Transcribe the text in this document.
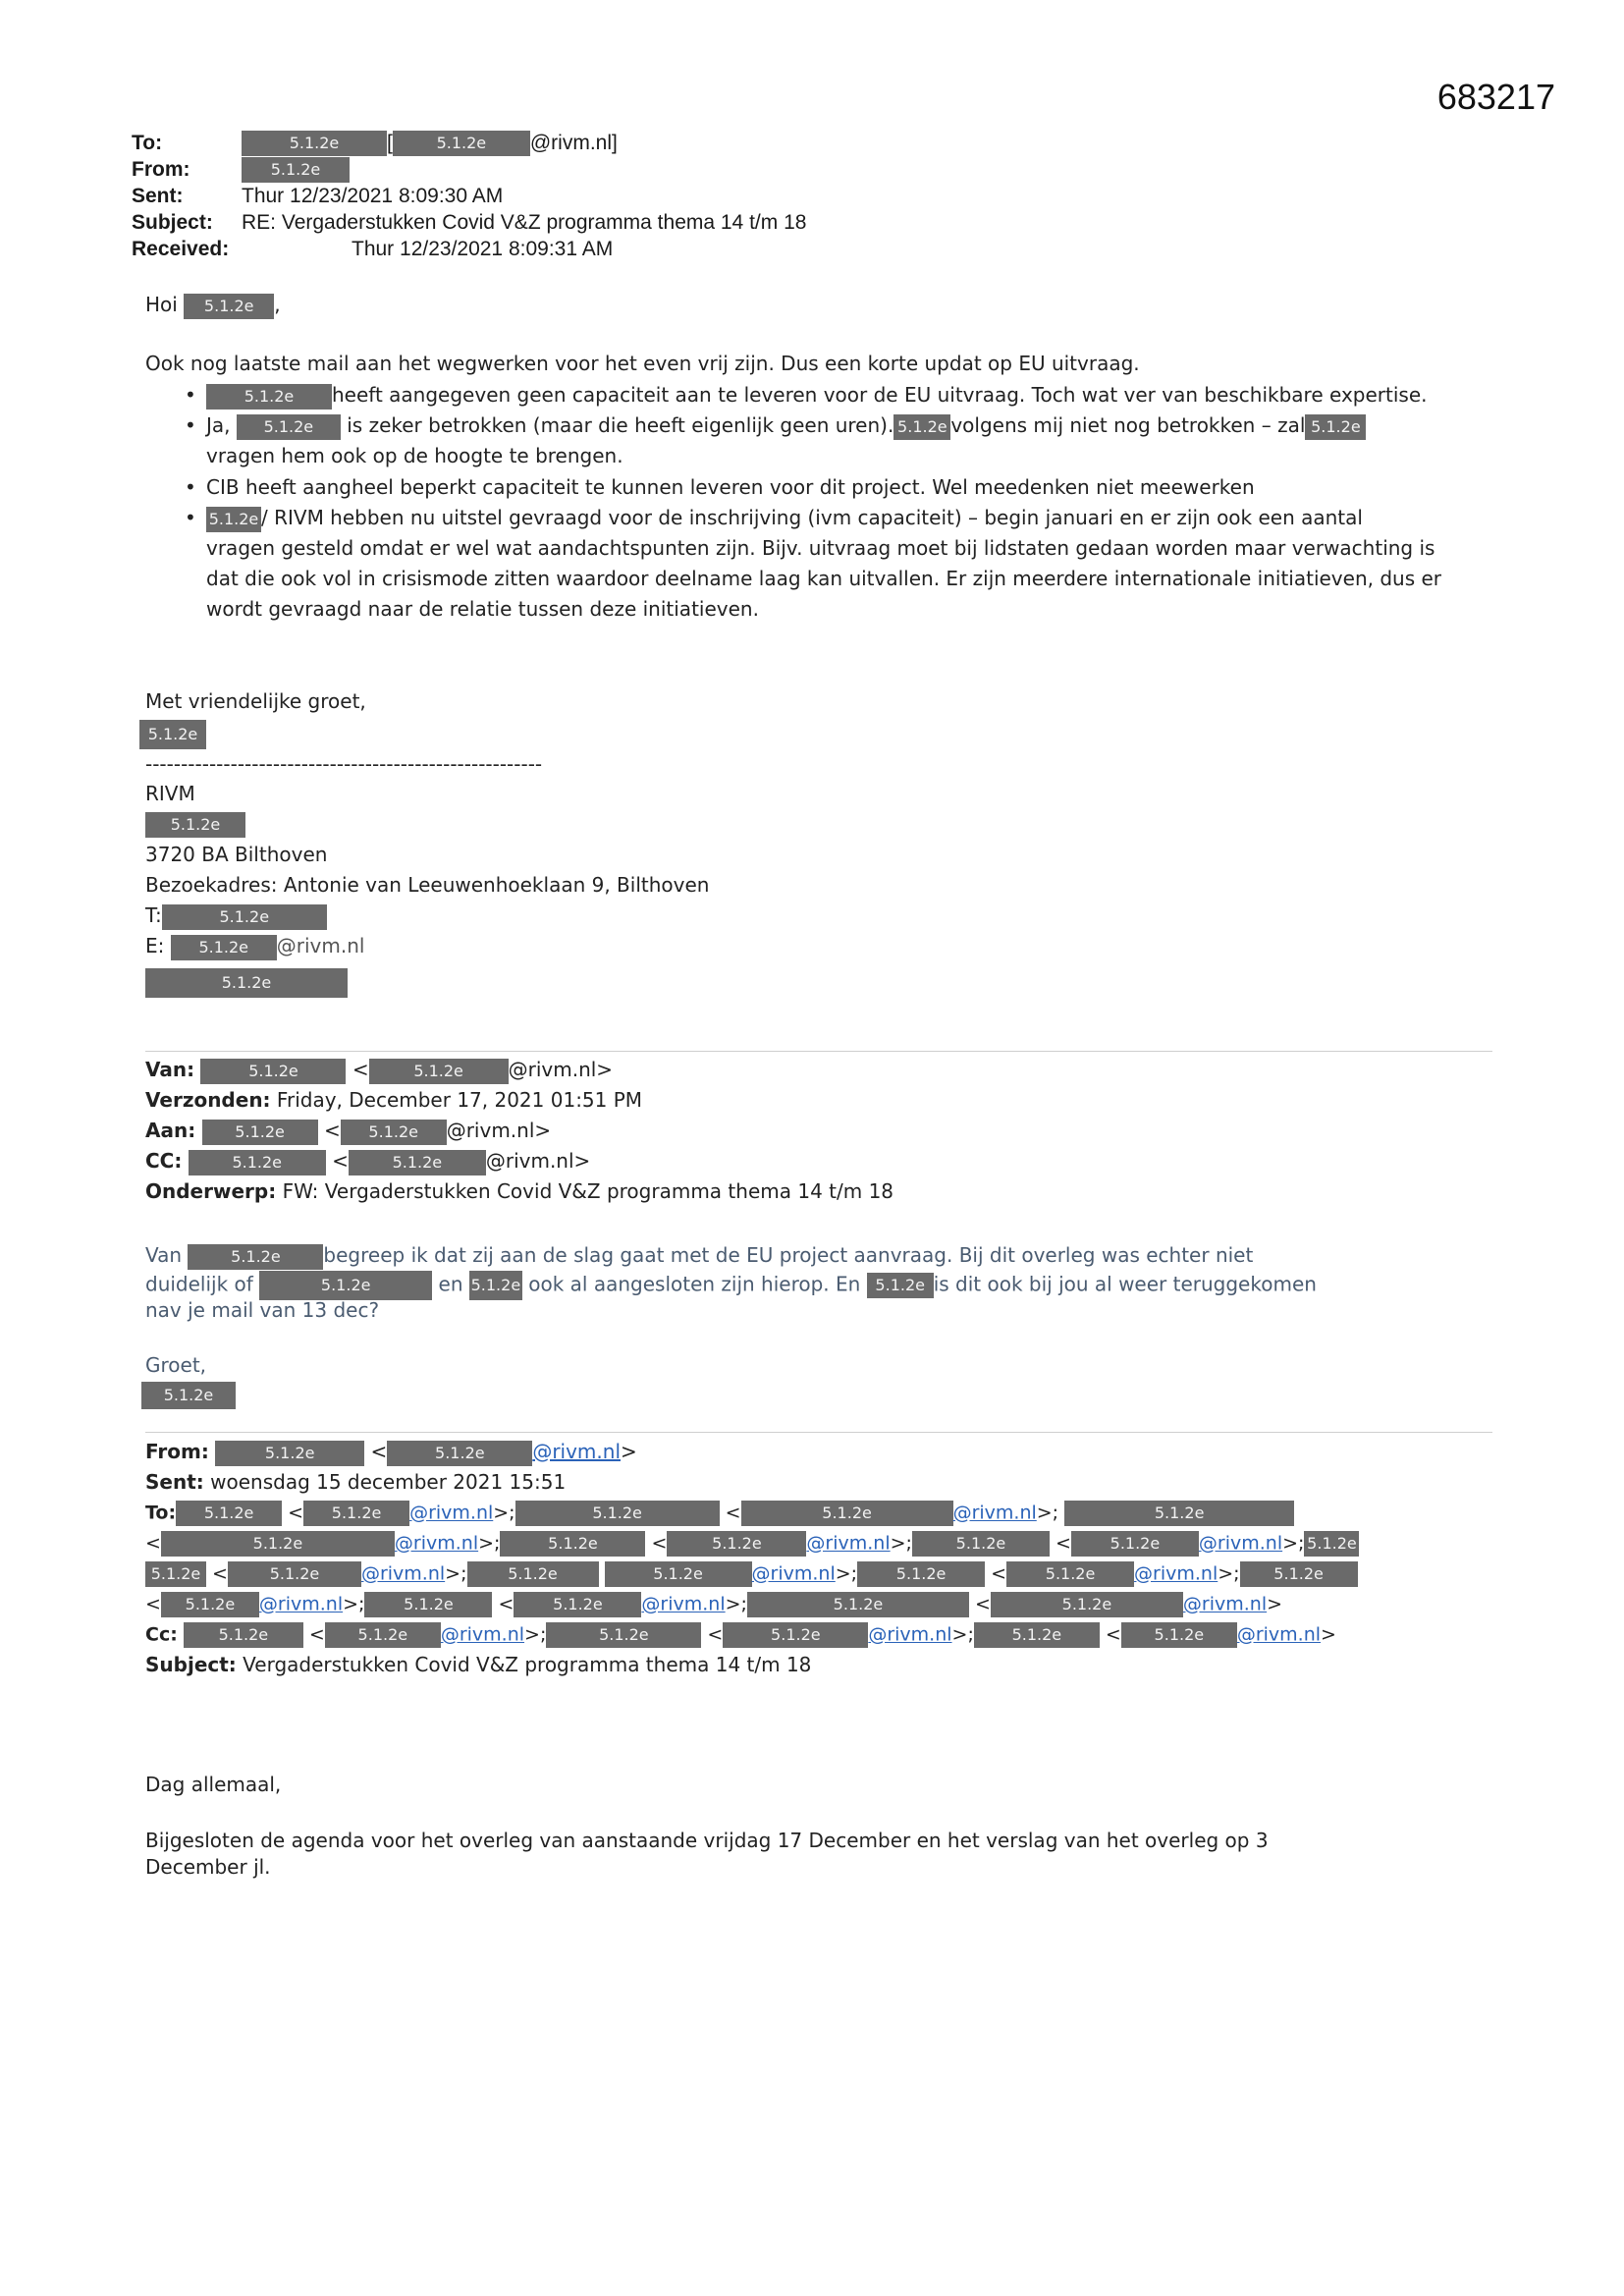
683217
To:	5.1.2e [	5.1.2e @rivm.nl]
From:	5.1.2e
Sent:	Thur 12/23/2021 8:09:30 AM
Subject: RE: Vergaderstukken Covid V&Z programma thema 14 t/m 18
Received:	Thur 12/23/2021 8:09:31 AM
Hoi 5.1.2e ,
Ook nog laatste mail aan het wegwerken voor het even vrij zijn. Dus een korte updat op EU uitvraag.
• 5.1.2e heeft aangegeven geen capaciteit aan te leveren voor de EU uitvraag. Toch wat ver van beschikbare expertise.
• Ja, 5.1.2e is zeker betrokken (maar die heeft eigenlijk geen uren). 5.1.2e volgens mij niet nog betrokken – zal 5.1.2e
vragen hem ook op de hoogte te brengen.
• CIB heeft aangheel beperkt capaciteit te kunnen leveren voor dit project. Wel meedenken niet meewerken
• 5.1.2e / RIVM hebben nu uitstel gevraagd voor de inschrijving (ivm capaciteit) – begin januari en er zijn ook een aantal
vragen gesteld omdat er wel wat aandachtspunten zijn. Bijv. uitvraag moet bij lidstaten gedaan worden maar verwachting is
dat die ook vol in crisismode zitten waardoor deelname laag kan uitvallen. Er zijn meerdere internationale initiatieven, dus er
wordt gevraagd naar de relatie tussen deze initiatieven.
Met vriendelijke groet,
5.1.2e
--------------------------------------------------------
RIVM
5.1.2e
3720 BA Bilthoven
Bezoekadres: Antonie van Leeuwenhoeklaan 9, Bilthoven
T:	5.1.2e
E: 5.1.2e @rivm.nl
5.1.2e
Van:	5.1.2e	<	5.1.2e @rivm.nl>
Verzonden: Friday, December 17, 2021 01:51 PM
Aan:	5.1.2e < 5.1.2e @rivm.nl>
CC:	5.1.2e	<	5.1.2e @rivm.nl>
Onderwerp: FW: Vergaderstukken Covid V&Z programma thema 14 t/m 18
Van	5.1.2e begreep ik dat zij aan de slag gaat met de EU project aanvraag. Bij dit overleg was echter niet
duidelijk of	5.1.2e	en 5.1.2e ook al aangesloten zijn hierop. En 5.1.2e is dit ook bij jou al weer teruggekomen
nav je mail van 13 dec?
Groet,
5.1.2e
From:	5.1.2e	<	5.1.2e @rivm.nl>
Sent: woensdag 15 december 2021 15:51
To: 5.1.2e < 5.1.2e @rivm.nl>;	5.1.2e	<	5.1.2e	@rivm.nl>;	5.1.2e
<	5.1.2e	@rivm.nl>;	5.1.2e	<	5.1.2e @rivm.nl>;	5.1.2e	< 5.1.2e @rivm.nl>; 5.1.2e
5.1.2e <	5.1.2e @rivm.nl>;	5.1.2e	5.1.2e	@rivm.nl>; 5.1.2e < 5.1.2e @rivm.nl>; 5.1.2e
< 5.1.2e @rivm.nl>; 5.1.2e < 5.1.2e @rivm.nl>;	5.1.2e	<	5.1.2e	@rivm.nl>
Cc:	5.1.2e < 5.1.2e @rivm.nl>;	5.1.2e	<	5.1.2e	@rivm.nl>; 5.1.2e < 5.1.2e @rivm.nl>
Subject: Vergaderstukken Covid V&Z programma thema 14 t/m 18
Dag allemaal,
Bijgesloten de agenda voor het overleg van aanstaande vrijdag 17 December en het verslag van het overleg op 3
December jl.
